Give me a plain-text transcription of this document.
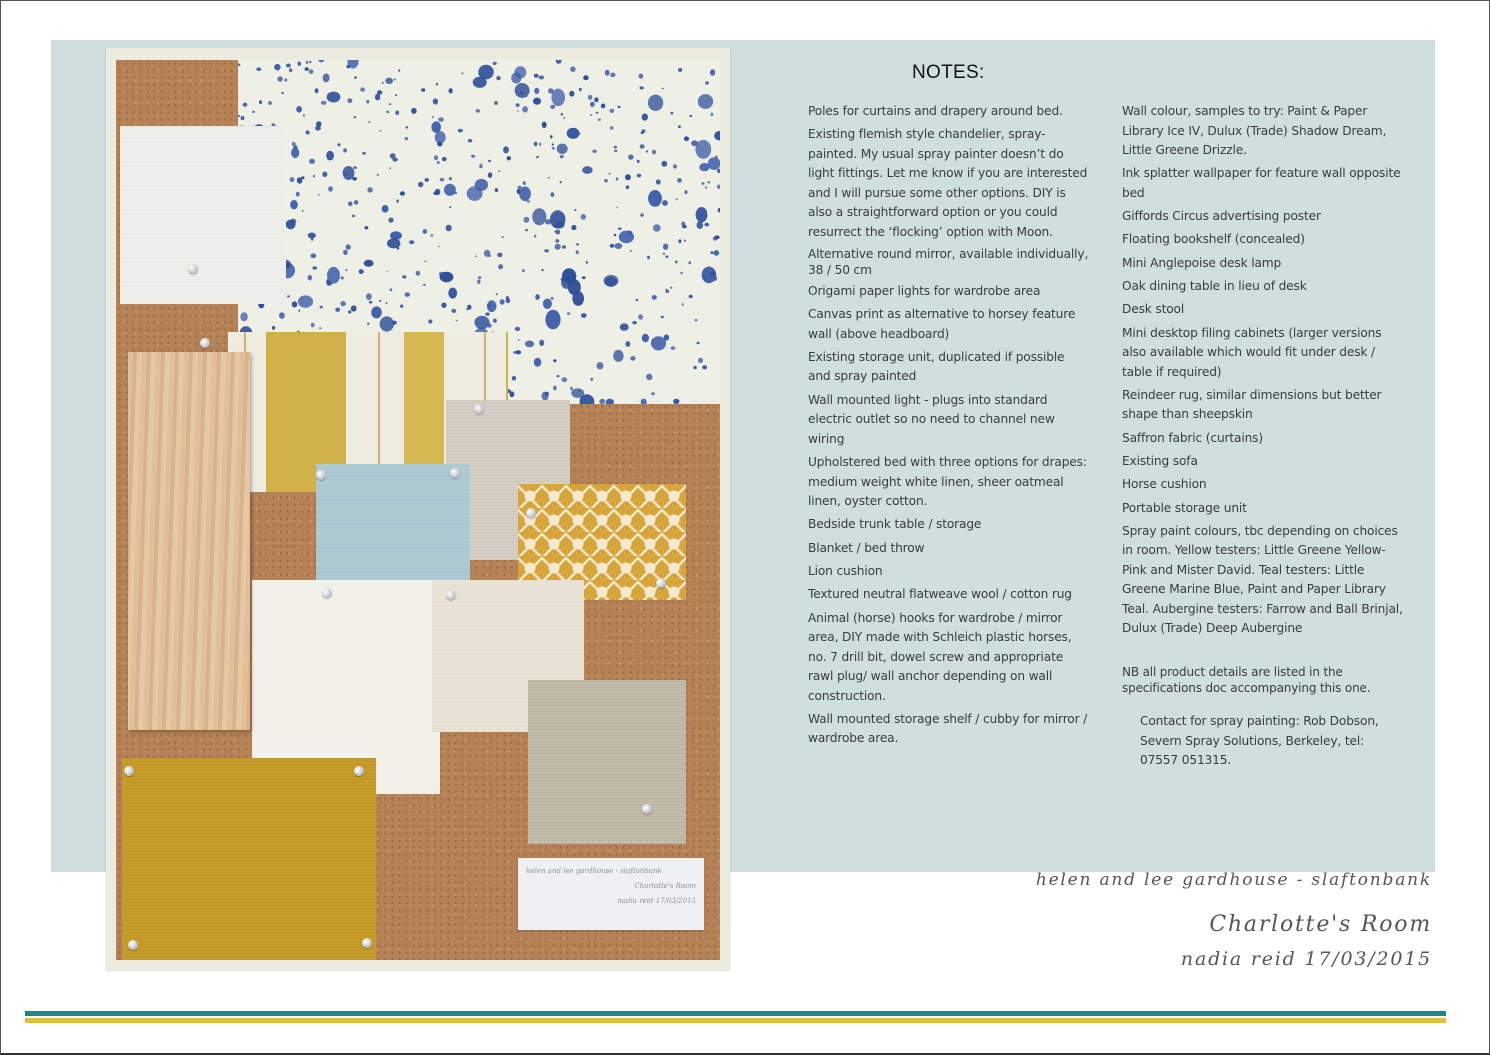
helen and lee gardhouse - slaftonbank
Charlotte's Room
nadia reid 17/03/2015
NOTES:

Poles for curtains and drapery around bed.

Existing flemish style chandelier, spray-painted. My usual spray painter doesn’t do light fittings. Let me know if you are interested and I will pursue some other options. DIY is also a straightforward option or you could resurrect the ‘flocking’ option with Moon.

Alternative round mirror, available individually, 38 / 50 cm

Origami paper lights for wardrobe area

Canvas print as alternative to horsey feature wall (above headboard)

Existing storage unit, duplicated if possible and spray painted

Wall mounted light - plugs into standard electric outlet so no need to channel new wiring

Upholstered bed with three options for drapes: medium weight white linen, sheer oatmeal linen, oyster cotton.

Bedside trunk table / storage

Blanket / bed throw

Lion cushion

Textured neutral flatweave wool / cotton rug

Animal (horse) hooks for wardrobe / mirror area, DIY made with Schleich plastic horses, no. 7 drill bit, dowel screw and appropriate rawl plug/ wall anchor depending on wall construction.

Wall mounted storage shelf / cubby for mirror / wardrobe area.

Wall colour, samples to try: Paint & Paper Library Ice IV, Dulux (Trade) Shadow Dream, Little Greene Drizzle.

Ink splatter wallpaper for feature wall opposite bed

Giffords Circus advertising poster

Floating bookshelf (concealed)

Mini Anglepoise desk lamp

Oak dining table in lieu of desk

Desk stool

Mini desktop filing cabinets (larger versions also available which would fit under desk / table if required)

Reindeer rug, similar dimensions but better shape than sheepskin

Saffron fabric (curtains)

Existing sofa

Horse cushion

Portable storage unit

Spray paint colours, tbc depending on choices in room. Yellow testers: Little Greene Yellow-Pink and Mister David. Teal testers: Little Greene Marine Blue, Paint and Paper Library Teal. Aubergine testers: Farrow and Ball Brinjal, Dulux (Trade) Deep Aubergine

NB all product details are listed in the specifications doc accompanying this one.
Contact for spray painting: Rob Dobson, Severn Spray Solutions, Berkeley, tel: 07557 051315.
helen and lee gardhouse - slaftonbank
Charlotte's Room
nadia reid 17/03/2015
